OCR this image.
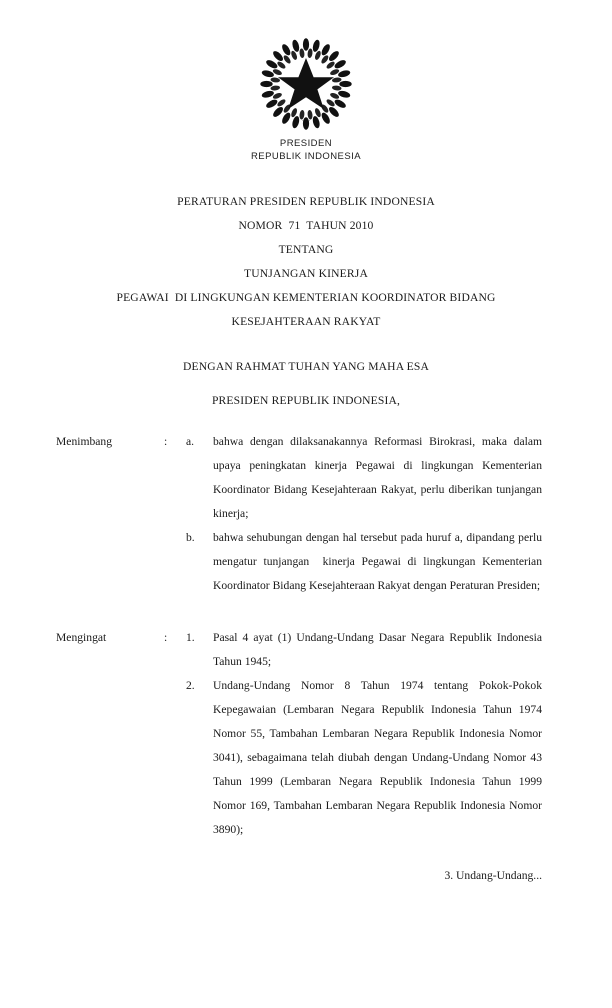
PRESIDEN
REPUBLIK INDONESIA
PERATURAN PRESIDEN REPUBLIK INDONESIA
NOMOR  71  TAHUN 2010
TENTANG
TUNJANGAN KINERJA
PEGAWAI  DI LINGKUNGAN KEMENTERIAN KOORDINATOR BIDANG
KESEJAHTERAAN RAKYAT
DENGAN RAHMAT TUHAN YANG MAHA ESA
PRESIDEN REPUBLIK INDONESIA,
Menimbang	:	a.	bahwa dengan dilaksanakannya Reformasi Birokrasi, maka dalam upaya peningkatan kinerja Pegawai di lingkungan Kementerian Koordinator Bidang Kesejahteraan Rakyat, perlu diberikan tunjangan kinerja;
b.	bahwa sehubungan dengan hal tersebut pada huruf a, dipandang perlu mengatur tunjangan  kinerja Pegawai di lingkungan Kementerian Koordinator Bidang Kesejahteraan Rakyat dengan Peraturan Presiden;
Mengingat	:	1.	Pasal 4 ayat (1) Undang-Undang Dasar Negara Republik Indonesia Tahun 1945;
2.	Undang-Undang Nomor 8 Tahun 1974 tentang Pokok-Pokok Kepegawaian (Lembaran Negara Republik Indonesia Tahun 1974 Nomor 55, Tambahan Lembaran Negara Republik Indonesia Nomor 3041), sebagaimana telah diubah dengan Undang-Undang Nomor 43 Tahun 1999 (Lembaran Negara Republik Indonesia Tahun 1999 Nomor 169, Tambahan Lembaran Negara Republik Indonesia Nomor 3890);
3. Undang-Undang...
